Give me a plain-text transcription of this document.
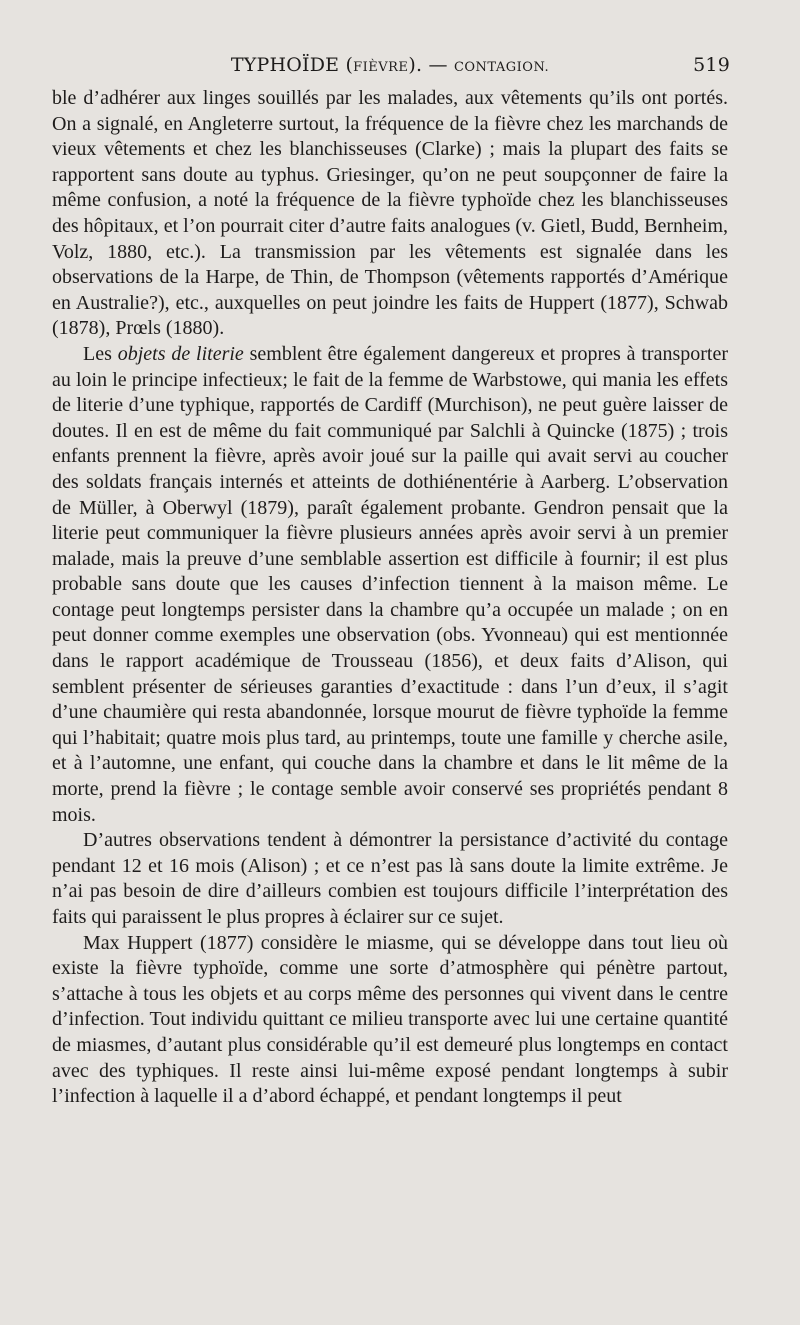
TYPHOÏDE (FIÈVRE). — CONTAGION.	519

ble d’adhérer aux linges souillés par les malades, aux vêtements qu’ils ont portés. On a signalé, en Angleterre surtout, la fréquence de la fièvre chez les marchands de vieux vêtements et chez les blanchisseuses (Clarke) ; mais la plupart des faits se rapportent sans doute au typhus. Griesinger, qu’on ne peut soupçonner de faire la même confusion, a noté la fréquence de la fièvre typhoïde chez les blanchisseuses des hôpitaux, et l’on pourrait citer d’autre faits analogues (v. Gietl, Budd, Bernheim, Volz, 1880, etc.). La transmission par les vêtements est signalée dans les observations de la Harpe, de Thin, de Thompson (vêtements rapportés d’Amérique en Australie?), etc., auxquelles on peut joindre les faits de Huppert (1877), Schwab (1878), Prœls (1880).

Les objets de literie semblent être également dangereux et propres à transporter au loin le principe infectieux; le fait de la femme de Warbstowe, qui mania les effets de literie d’une typhique, rapportés de Cardiff (Murchison), ne peut guère laisser de doutes. Il en est de même du fait communiqué par Salchli à Quincke (1875) ; trois enfants prennent la fièvre, après avoir joué sur la paille qui avait servi au coucher des soldats français internés et atteints de dothiénentérie à Aarberg. L’observation de Müller, à Oberwyl (1879), paraît également probante. Gendron pensait que la literie peut communiquer la fièvre plusieurs années après avoir servi à un premier malade, mais la preuve d’une semblable assertion est difficile à fournir; il est plus probable sans doute que les causes d’infection tiennent à la maison même. Le contage peut longtemps persister dans la chambre qu’a occupée un malade ; on en peut donner comme exemples une observation (obs. Yvonneau) qui est mentionnée dans le rapport académique de Trousseau (1856), et deux faits d’Alison, qui semblent présenter de sérieuses garanties d’exactitude : dans l’un d’eux, il s’agit d’une chaumière qui resta abandonnée, lorsque mourut de fièvre typhoïde la femme qui l’habitait; quatre mois plus tard, au printemps, toute une famille y cherche asile, et à l’automne, une enfant, qui couche dans la chambre et dans le lit même de la morte, prend la fièvre ; le contage semble avoir conservé ses propriétés pendant 8 mois.

D’autres observations tendent à démontrer la persistance d’activité du contage pendant 12 et 16 mois (Alison) ; et ce n’est pas là sans doute la limite extrême. Je n’ai pas besoin de dire d’ailleurs combien est toujours difficile l’interprétation des faits qui paraissent le plus propres à éclairer sur ce sujet.

Max Huppert (1877) considère le miasme, qui se développe dans tout lieu où existe la fièvre typhoïde, comme une sorte d’atmosphère qui pénètre partout, s’attache à tous les objets et au corps même des personnes qui vivent dans le centre d’infection. Tout individu quittant ce milieu transporte avec lui une certaine quantité de miasmes, d’autant plus considérable qu’il est demeuré plus longtemps en contact avec des typhiques. Il reste ainsi lui-même exposé pendant longtemps à subir l’infection à laquelle il a d’abord échappé, et pendant longtemps il peut
